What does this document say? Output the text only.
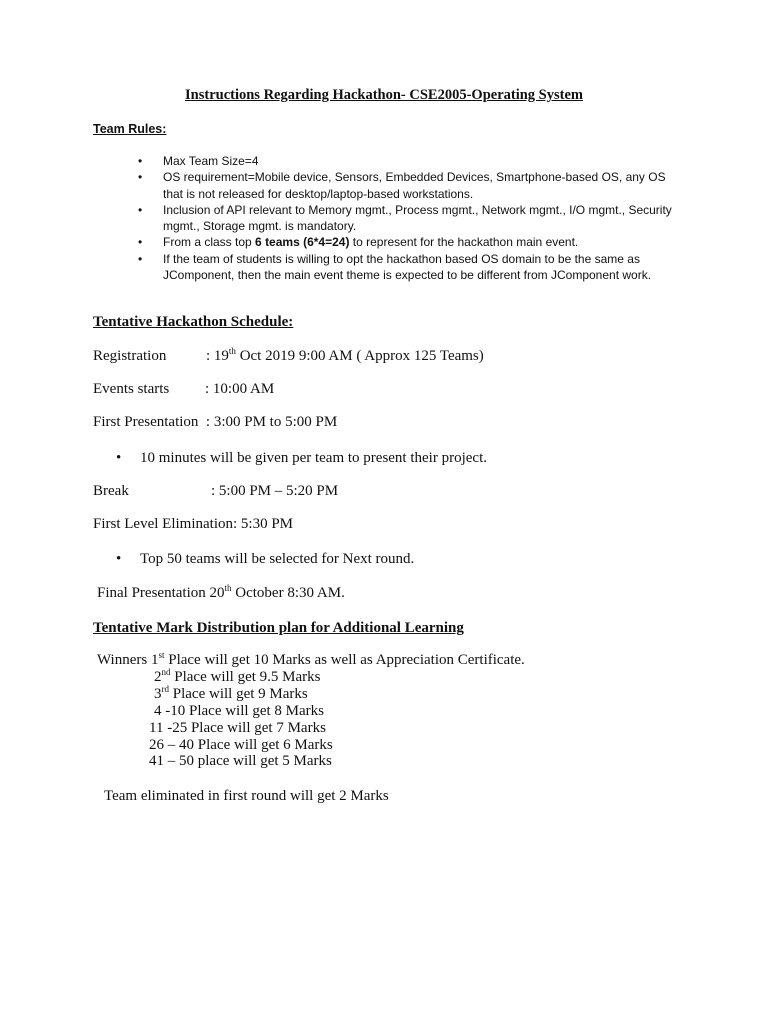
Instructions Regarding Hackathon- CSE2005-Operating System
Team Rules:
• Max Team Size=4
• OS requirement=Mobile device, Sensors, Embedded Devices, Smartphone-based OS, any OS that is not released for desktop/laptop-based workstations.
• Inclusion of API relevant to Memory mgmt., Process mgmt., Network mgmt., I/O mgmt., Security mgmt., Storage mgmt. is mandatory.
• From a class top 6 teams (6*4=24) to represent for the hackathon main event.
• If the team of students is willing to opt the hackathon based OS domain to be the same as JComponent, then the main event theme is expected to be different from JComponent work.
Tentative Hackathon Schedule:
Registration	: 19th Oct 2019 9:00 AM ( Approx 125 Teams)
Events starts : 10:00 AM
First Presentation : 3:00 PM to 5:00 PM
• 10 minutes will be given per team to present their project.
Break	: 5:00 PM – 5:20 PM
First Level Elimination: 5:30 PM
• Top 50 teams will be selected for Next round.
Final Presentation 20th October 8:30 AM.
Tentative Mark Distribution plan for Additional Learning
Winners 1st Place will get 10 Marks as well as Appreciation Certificate.
2nd Place will get 9.5 Marks
3rd Place will get 9 Marks
4 -10 Place will get 8 Marks
11 -25 Place will get 7 Marks
26 – 40 Place will get 6 Marks
41 – 50 place will get 5 Marks
Team eliminated in first round will get 2 Marks
